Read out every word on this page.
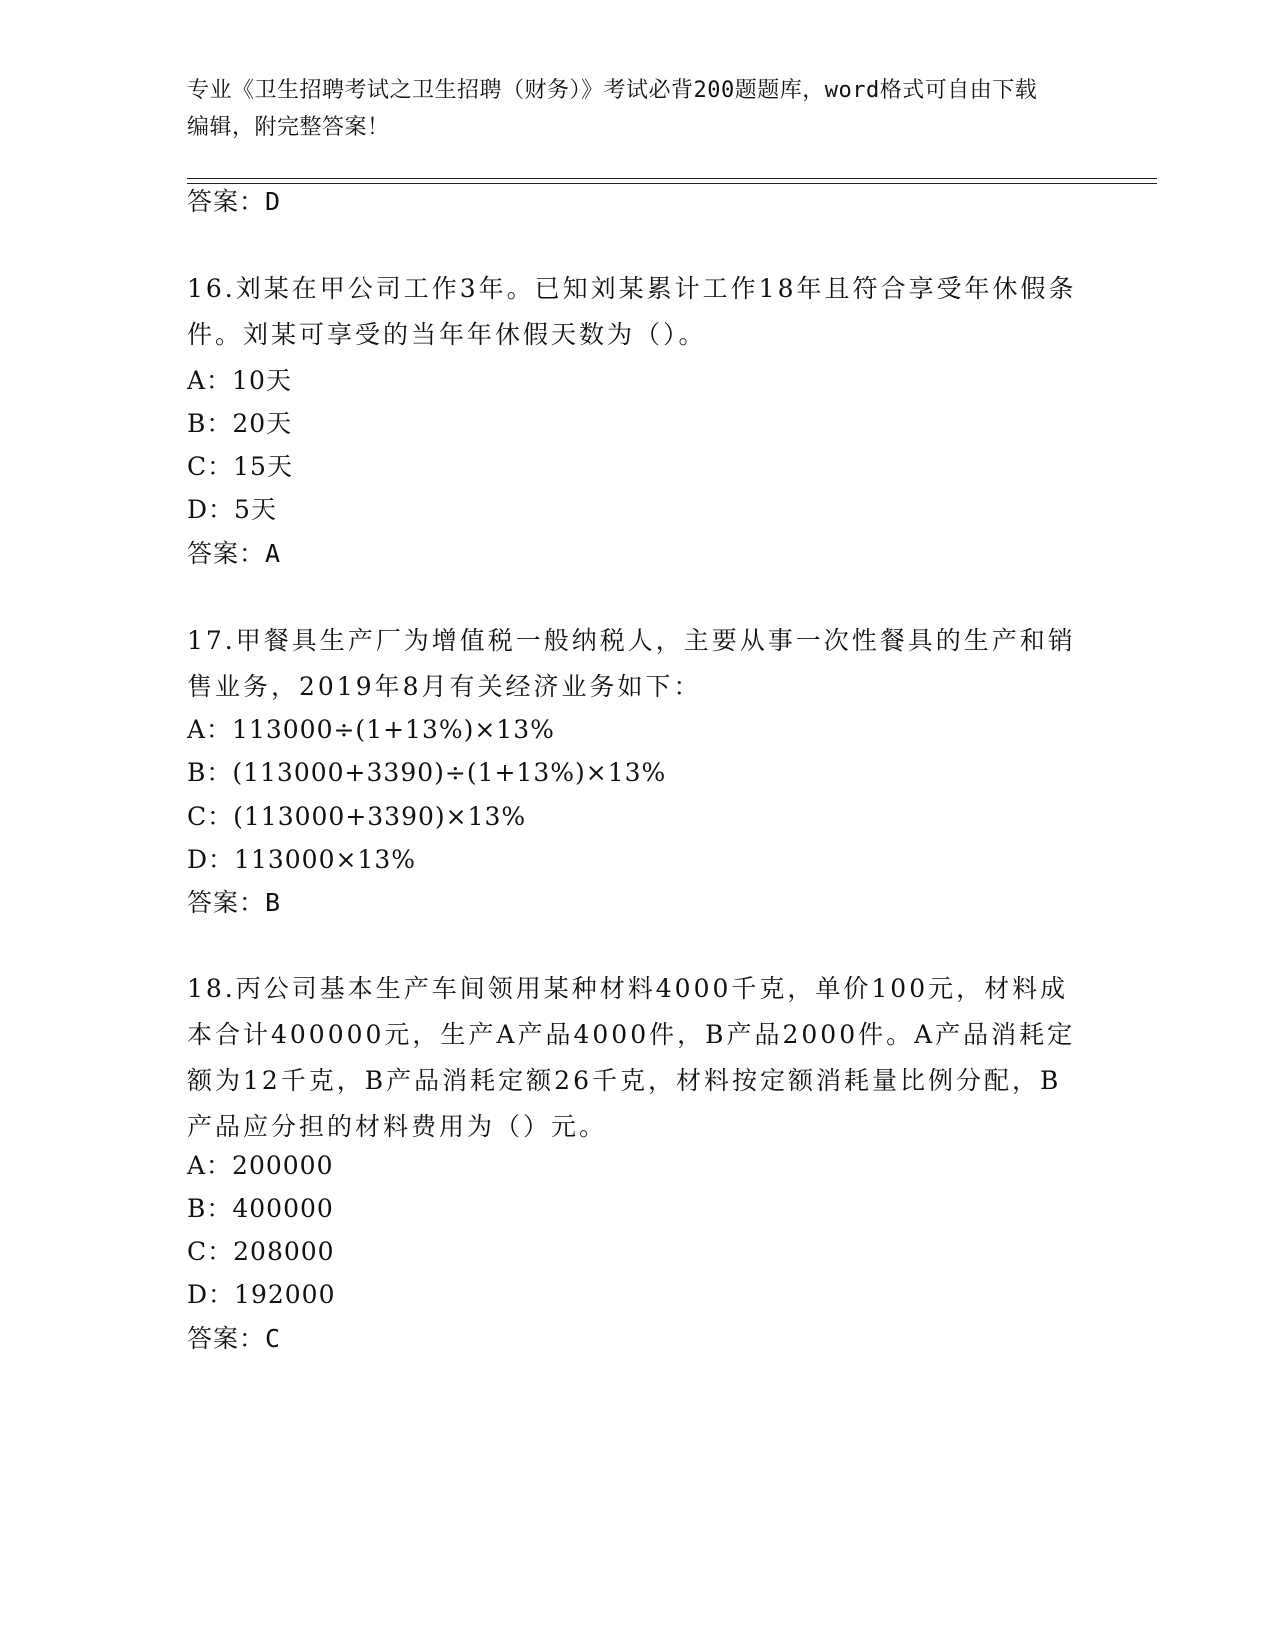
专业《卫生招聘考试之卫生招聘（财务）》考试必背200题题库，word格式可自由下载编辑，附完整答案！
答案：D
16.刘某在甲公司工作3年。已知刘某累计工作18年且符合享受年休假条件。刘某可享受的当年年休假天数为（）。
A：10天
B：20天
C：15天
D：5天
答案：A
17.甲餐具生产厂为增值税一般纳税人，主要从事一次性餐具的生产和销售业务，2019年8月有关经济业务如下：
A：113000÷(1+13%)×13%
B：(113000+3390)÷(1+13%)×13%
C：(113000+3390)×13%
D：113000×13%
答案：B
18.丙公司基本生产车间领用某种材料4000千克，单价100元，材料成本合计400000元，生产A产品4000件，B产品2000件。A产品消耗定额为12千克，B产品消耗定额26千克，材料按定额消耗量比例分配，B产品应分担的材料费用为（）元。
A：200000
B：400000
C：208000
D：192000
答案：C
